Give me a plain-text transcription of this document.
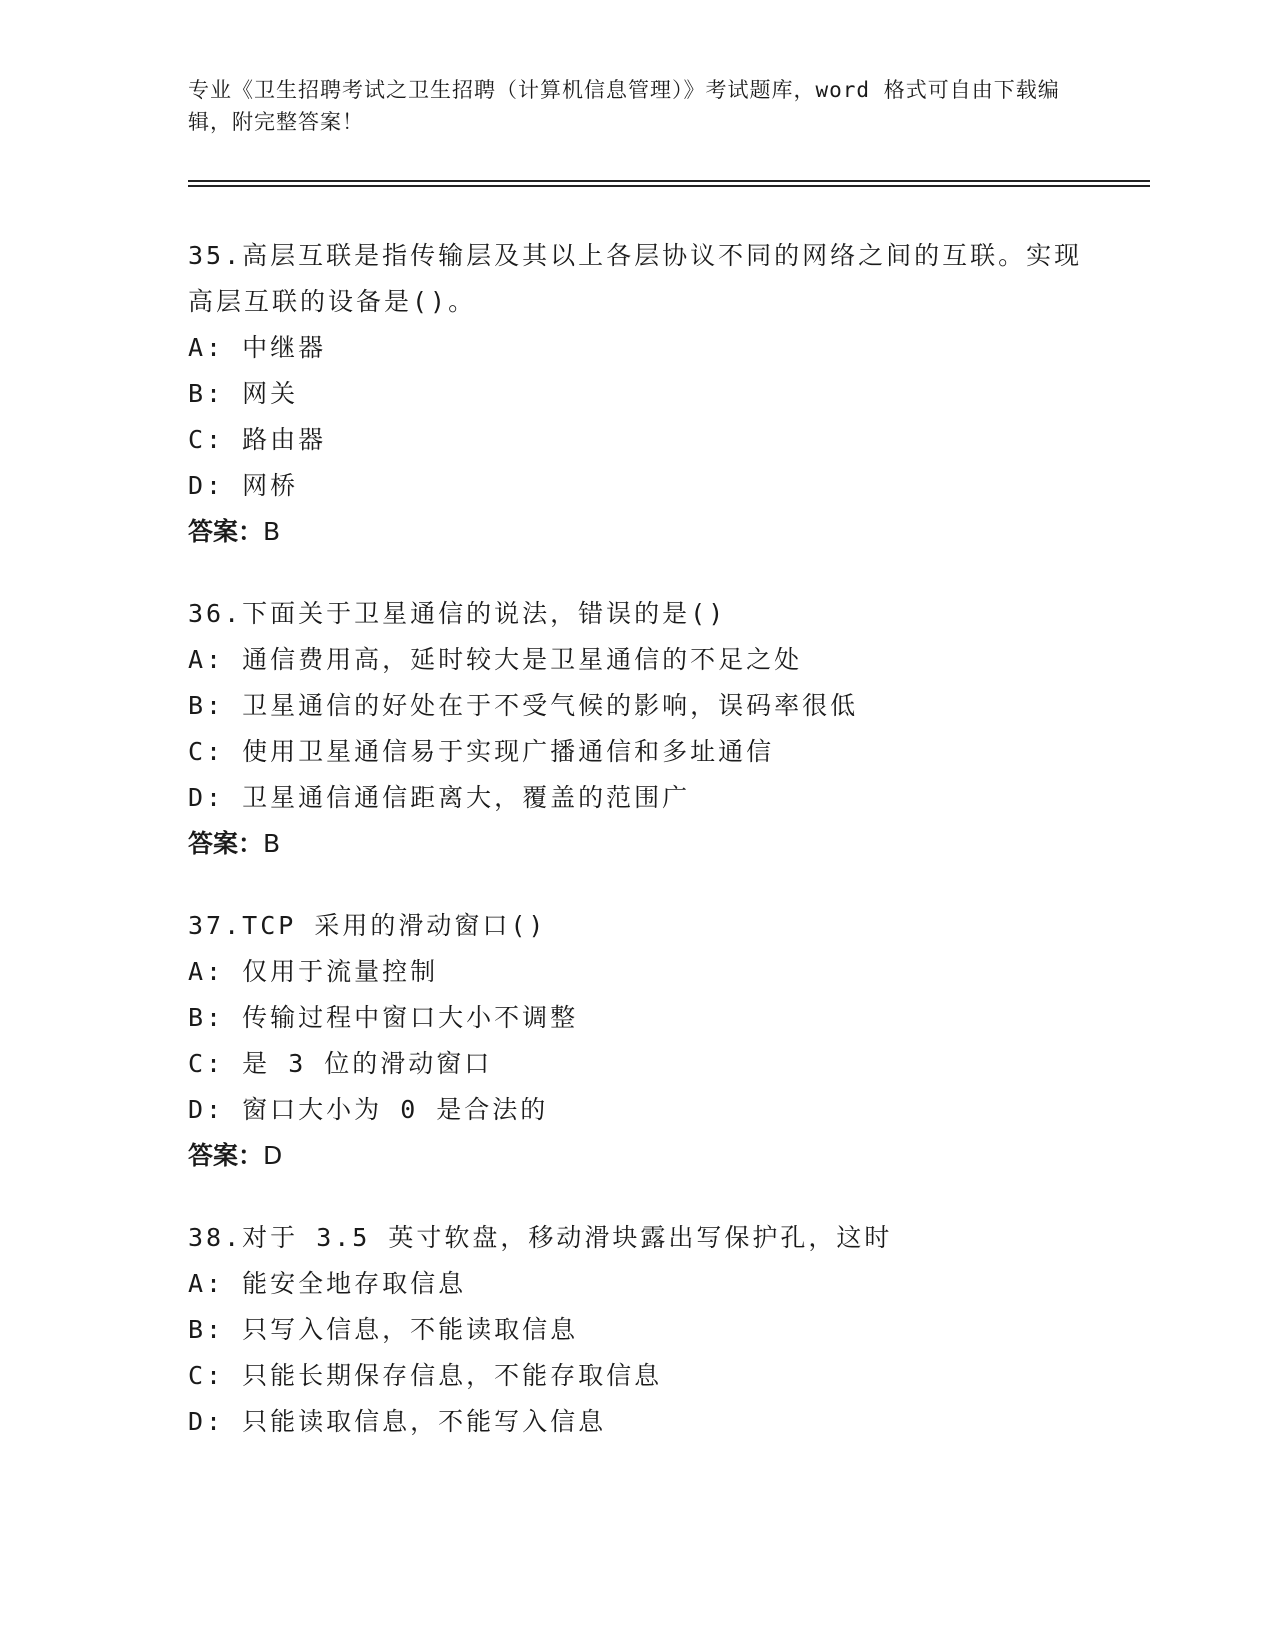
专业《卫生招聘考试之卫生招聘（计算机信息管理）》考试题库，word 格式可自由下载编辑，附完整答案！
35.高层互联是指传输层及其以上各层协议不同的网络之间的互联。实现高层互联的设备是()。
A: 中继器
B: 网关
C: 路由器
D: 网桥
答案：B
36.下面关于卫星通信的说法，错误的是()
A: 通信费用高，延时较大是卫星通信的不足之处
B: 卫星通信的好处在于不受气候的影响，误码率很低
C: 使用卫星通信易于实现广播通信和多址通信
D: 卫星通信通信距离大，覆盖的范围广
答案：B
37.TCP 采用的滑动窗口()
A: 仅用于流量控制
B: 传输过程中窗口大小不调整
C: 是 3 位的滑动窗口
D: 窗口大小为 0 是合法的
答案：D
38.对于 3.5 英寸软盘，移动滑块露出写保护孔，这时
A: 能安全地存取信息
B: 只写入信息，不能读取信息
C: 只能长期保存信息，不能存取信息
D: 只能读取信息，不能写入信息
